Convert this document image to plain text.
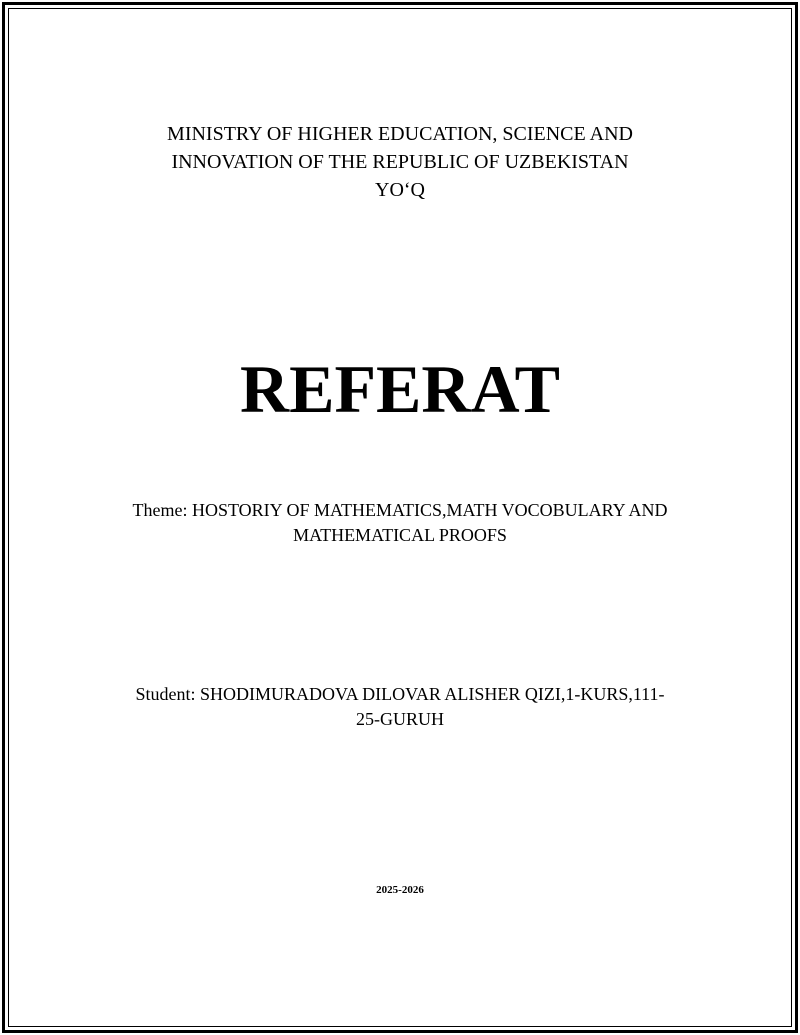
MINISTRY OF HIGHER EDUCATION, SCIENCE AND
INNOVATION OF THE REPUBLIC OF UZBEKISTAN
YO‘Q
REFERAT
Theme: HOSTORIY OF MATHEMATICS,MATH VOCOBULARY AND
MATHEMATICAL PROOFS
Student: SHODIMURADOVA DILOVAR ALISHER QIZI,1-KURS,111-
25-GURUH
2025-2026
